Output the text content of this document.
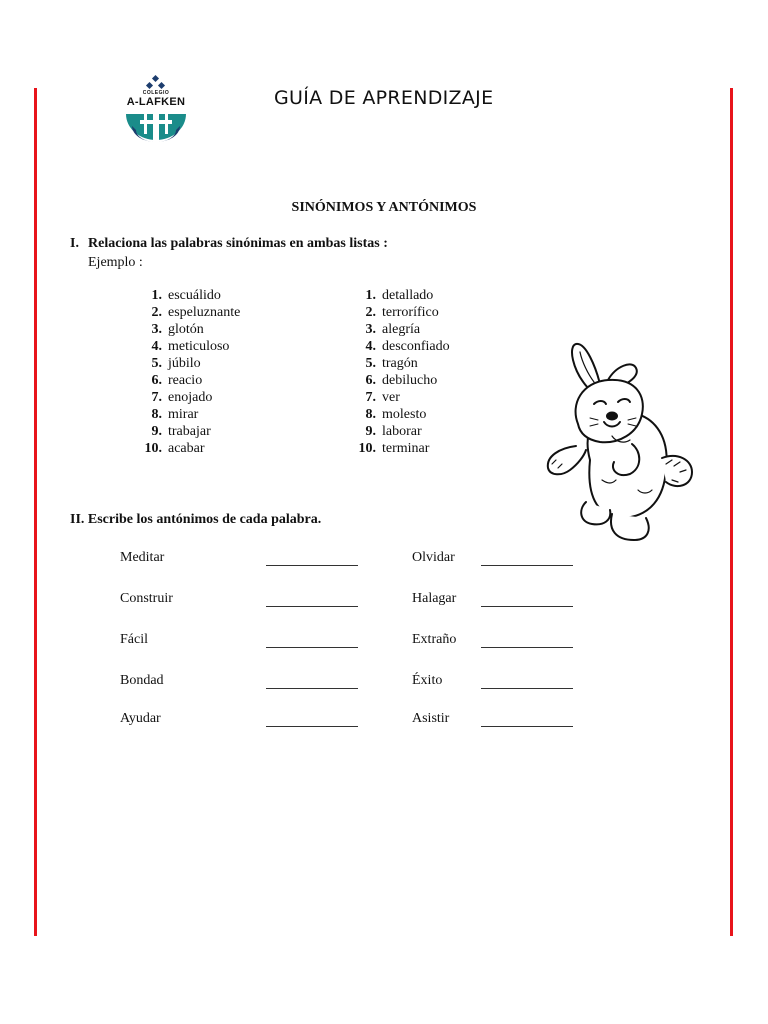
COLEGIO
A-LAFKEN	GUÍA DE APRENDIZAJE
SINÓNIMOS Y ANTÓNIMOS
I. Relaciona las palabras sinónimas en ambas listas :
Ejemplo :
1. escuálido
2. espeluznante
3. glotón
4. meticuloso
5. júbilo
6. reacio
7. enojado
8. mirar
9. trabajar
10. acabar
1. detallado
2. terrorífico
3. alegría
4. desconfiado
5. tragón
6. debilucho
7. ver
8. molesto
9. laborar
10. terminar
II. Escribe los antónimos de cada palabra.
Meditar	Olvidar
Construir	Halagar
Fácil	Extraño
Bondad	Éxito
Ayudar	Asistir
